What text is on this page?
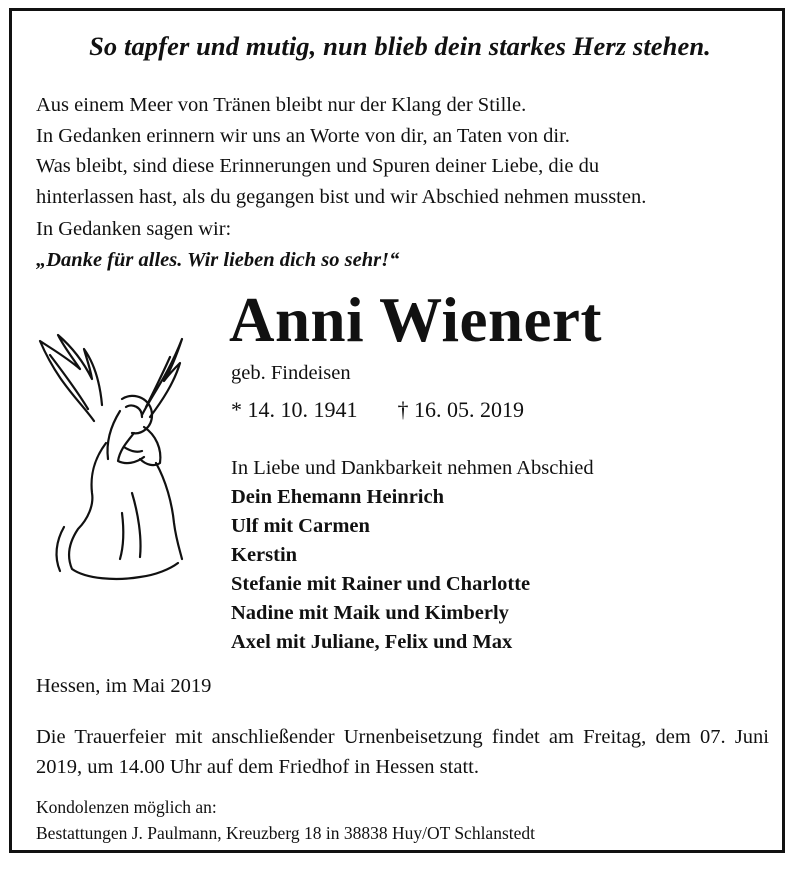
So tapfer und mutig, nun blieb dein starkes Herz stehen.
Aus einem Meer von Tränen bleibt nur der Klang der Stille.
In Gedanken erinnern wir uns an Worte von dir, an Taten von dir.
Was bleibt, sind diese Erinnerungen und Spuren deiner Liebe, die du
hinterlassen hast, als du gegangen bist und wir Abschied nehmen mussten.
In Gedanken sagen wir:
„Danke für alles. Wir lieben dich so sehr!“
Anni Wienert
geb. Findeisen
* 14. 10. 1941 † 16. 05. 2019
In Liebe und Dankbarkeit nehmen Abschied
Dein Ehemann Heinrich
Ulf mit Carmen
Kerstin
Stefanie mit Rainer und Charlotte
Nadine mit Maik und Kimberly
Axel mit Juliane, Felix und Max
Hessen, im Mai 2019
Die Trauerfeier mit anschließender Urnenbeisetzung findet am Freitag, dem 07. Juni 2019, um 14.00 Uhr auf dem Friedhof in Hessen statt.
Kondolenzen möglich an:
Bestattungen J. Paulmann, Kreuzberg 18 in 38838 Huy/OT Schlanstedt
